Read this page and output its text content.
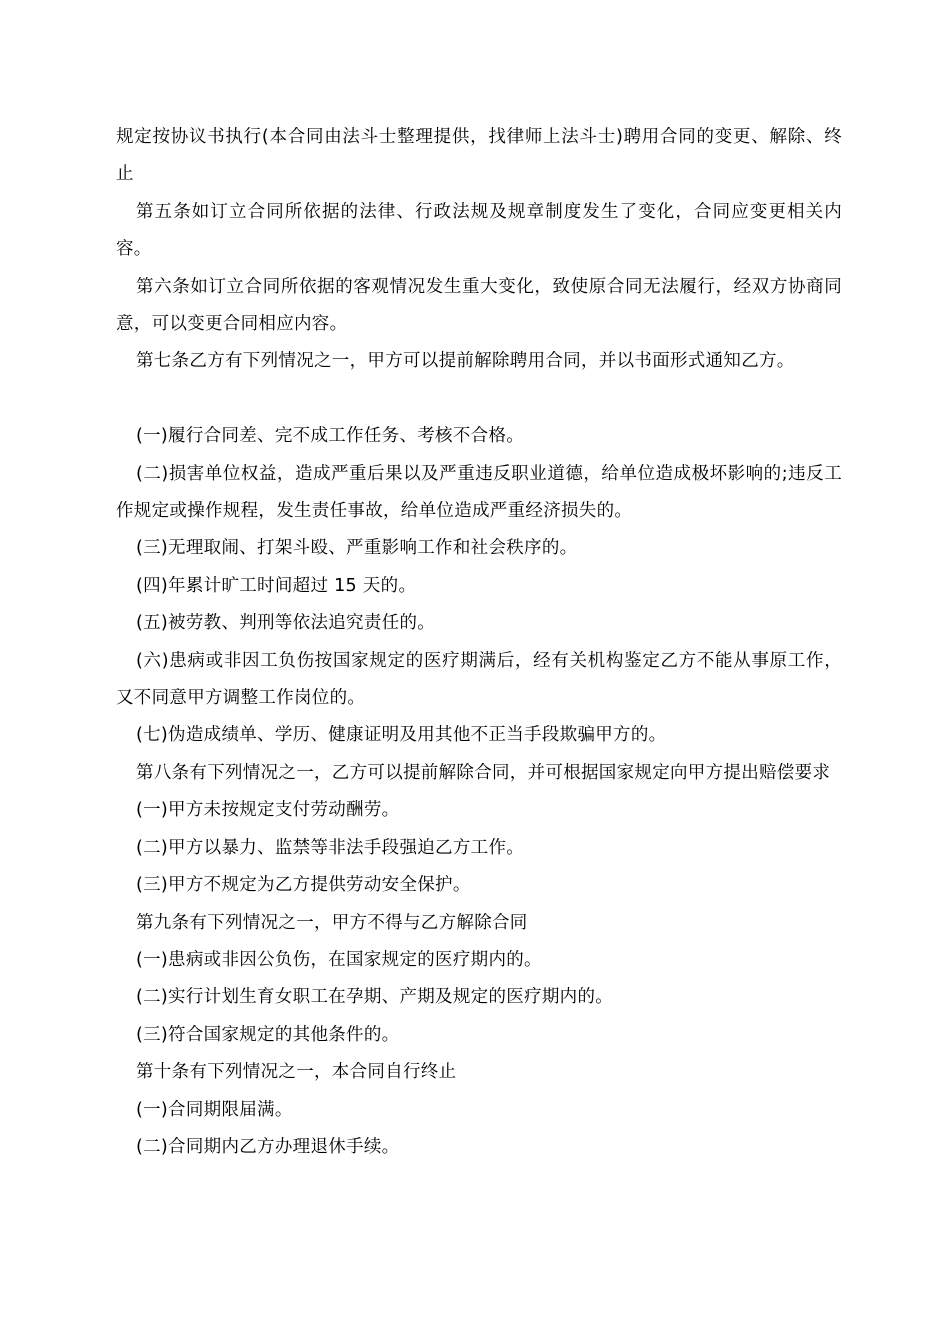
规定按协议书执行(本合同由法斗士整理提供，找律师上法斗士)聘用合同的变更、解除、终止

第五条如订立合同所依据的法律、行政法规及规章制度发生了变化，合同应变更相关内容。

第六条如订立合同所依据的客观情况发生重大变化，致使原合同无法履行，经双方协商同意，可以变更合同相应内容。

第七条乙方有下列情况之一，甲方可以提前解除聘用合同，并以书面形式通知乙方。

(一)履行合同差、完不成工作任务、考核不合格。

(二)损害单位权益，造成严重后果以及严重违反职业道德，给单位造成极坏影响的;违反工作规定或操作规程，发生责任事故，给单位造成严重经济损失的。

(三)无理取闹、打架斗殴、严重影响工作和社会秩序的。

(四)年累计旷工时间超过 15 天的。

(五)被劳教、判刑等依法追究责任的。

(六)患病或非因工负伤按国家规定的医疗期满后，经有关机构鉴定乙方不能从事原工作，又不同意甲方调整工作岗位的。

(七)伪造成绩单、学历、健康证明及用其他不正当手段欺骗甲方的。

第八条有下列情况之一，乙方可以提前解除合同，并可根据国家规定向甲方提出赔偿要求

(一)甲方未按规定支付劳动酬劳。

(二)甲方以暴力、监禁等非法手段强迫乙方工作。

(三)甲方不规定为乙方提供劳动安全保护。

第九条有下列情况之一，甲方不得与乙方解除合同

(一)患病或非因公负伤，在国家规定的医疗期内的。

(二)实行计划生育女职工在孕期、产期及规定的医疗期内的。

(三)符合国家规定的其他条件的。

第十条有下列情况之一，本合同自行终止

(一)合同期限届满。

(二)合同期内乙方办理退休手续。
